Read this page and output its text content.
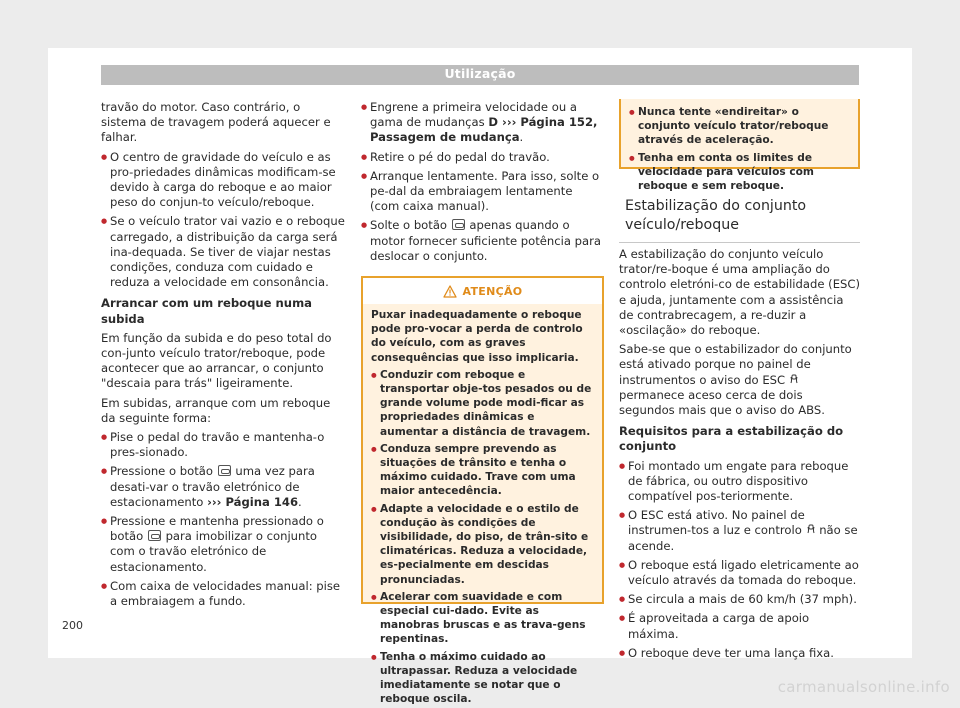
Utilização

travão do motor. Caso contrário, o sistema de travagem poderá aquecer e falhar.

● O centro de gravidade do veículo e as pro-priedades dinâmicas modificam-se devido à carga do reboque e ao maior peso do conjun-to veículo/reboque.
● Se o veículo trator vai vazio e o reboque carregado, a distribuição da carga será ina-dequada. Se tiver de viajar nestas condições, conduza com cuidado e reduza a velocidade em consonância.
Arrancar com um reboque numa subida

Em função da subida e do peso total do con-junto veículo trator/reboque, pode acontecer que ao arrancar, o conjunto "descaia para trás" ligeiramente.

Em subidas, arranque com um reboque da seguinte forma:

● Pise o pedal do travão e mantenha-o pres-sionado.
● Pressione o botão uma vez para desati-var o travão eletrónico de estacionamento ››› Página 146.
● Pressione e mantenha pressionado o botão para imobilizar o conjunto com o travão eletrónico de estacionamento.
● Com caixa de velocidades manual: pise a embraiagem a fundo.
● Engrene a primeira velocidade ou a gama de mudanças D ››› Página 152, Passagem de mudança.
● Retire o pé do pedal do travão.
● Arranque lentamente. Para isso, solte o pe-dal da embraiagem lentamente (com caixa manual).
● Solte o botão apenas quando o motor fornecer suficiente potência para deslocar o conjunto.
ATENÇÃO

Puxar inadequadamente o reboque pode pro-vocar a perda de controlo do veículo, com as graves consequências que isso implicaria.

● Conduzir com reboque e transportar obje-tos pesados ou de grande volume pode modi-ficar as propriedades dinâmicas e aumentar a distância de travagem.
● Conduza sempre prevendo as situações de trânsito e tenha o máximo cuidado. Trave com uma maior antecedência.
● Adapte a velocidade e o estilo de condução às condições de visibilidade, do piso, de trân-sito e climatéricas. Reduza a velocidade, es-pecialmente em descidas pronunciadas.
● Acelerar com suavidade e com especial cui-dado. Evite as manobras bruscas e as trava-gens repentinas.
● Tenha o máximo cuidado ao ultrapassar. Reduza a velocidade imediatamente se notar que o reboque oscila.
● Nunca tente «endireitar» o conjunto veículo trator/reboque através de aceleração.
● Tenha em conta os limites de velocidade para veículos com reboque e sem reboque.
Estabilização do conjunto veículo/reboque

A estabilização do conjunto veículo trator/re-boque é uma ampliação do controlo eletróni-co de estabilidade (ESC) e ajuda, juntamente com a assistência de contrabrecagem, a re-duzir a «oscilação» do reboque.

Sabe-se que o estabilizador do conjunto está ativado porque no painel de instrumentos o aviso do ESC  permanece aceso cerca de dois segundos mais que o aviso do ABS.

Requisitos para a estabilização do conjunto
● Foi montado um engate para reboque de fábrica, ou outro dispositivo compatível pos-teriormente.
● O ESC está ativo. No painel de instrumen-tos a luz e controlo não se acende.
● O reboque está ligado eletricamente ao veículo através da tomada do reboque.
● Se circula a mais de 60 km/h (37 mph).
● É aproveitada a carga de apoio máxima.
● O reboque deve ter uma lança fixa.
200
carmanualsonline.info
